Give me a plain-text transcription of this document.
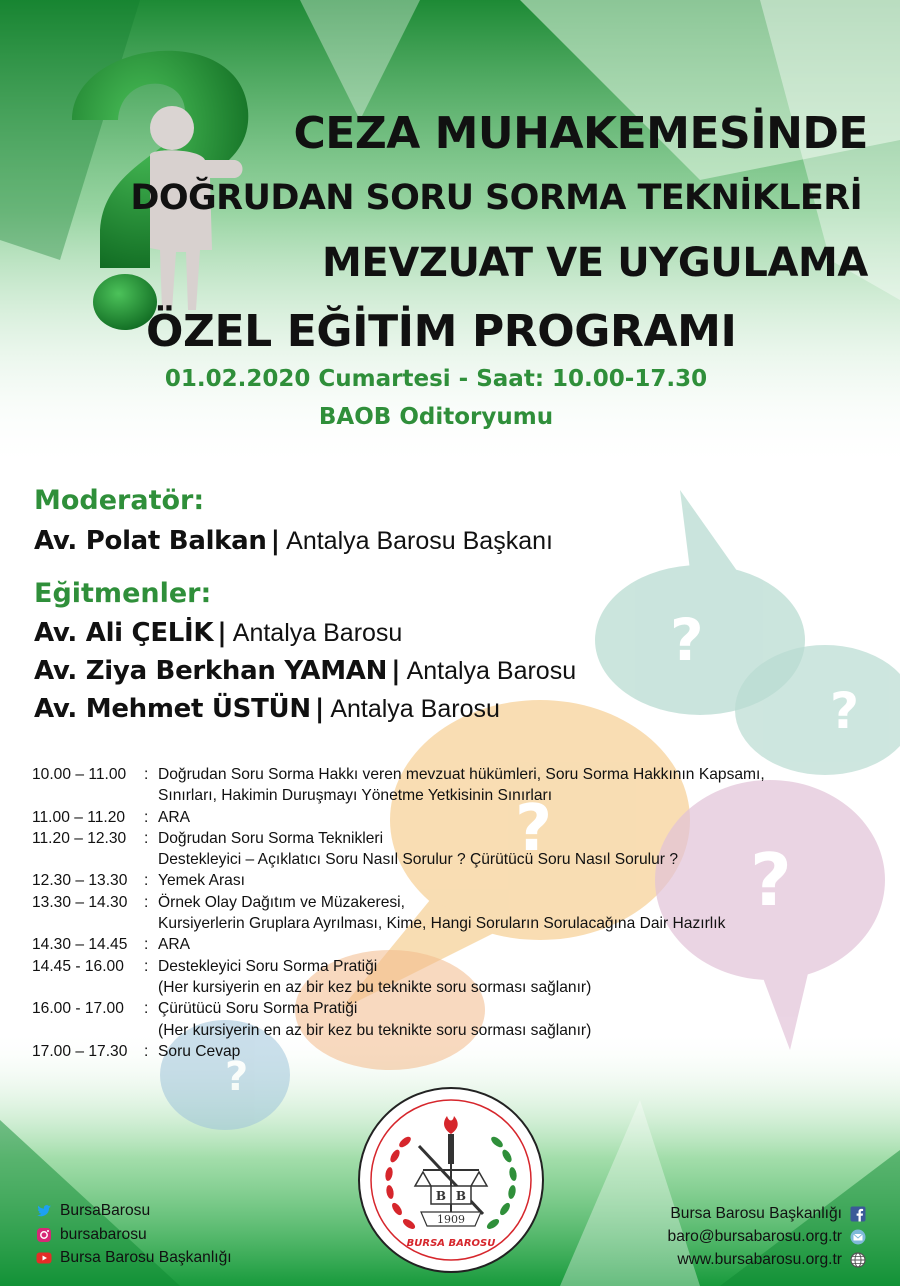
?
?
?
?
?
CEZA MUHAKEMESİNDE
DOĞRUDAN SORU SORMA TEKNİKLERİ
MEVZUAT VE UYGULAMA
ÖZEL EĞİTİM PROGRAMI
01.02.2020 Cumartesi - Saat: 10.00-17.30
BAOB Oditoryumu
Moderatör:
Av. Polat Balkan | Antalya Barosu Başkanı
Eğitmenler:
Av. Ali ÇELİK | Antalya Barosu
Av. Ziya Berkhan YAMAN | Antalya Barosu
Av. Mehmet ÜSTÜN | Antalya Barosu
10.00 – 11.00	: Doğrudan Soru Sorma Hakkı veren mevzuat hükümleri, Soru Sorma Hakkının Kapsamı,
Sınırları, Hakimin Duruşmayı Yönetme Yetkisinin Sınırları
11.00 – 11.20	: ARA
11.20 – 12.30	: Doğrudan Soru Sorma Teknikleri
Destekleyici – Açıklatıcı Soru Nasıl Sorulur ? Çürütücü Soru Nasıl Sorulur ?
12.30 – 13.30	: Yemek Arası
13.30 – 14.30	: Örnek Olay Dağıtım ve Müzakeresi,
Kursiyerlerin Gruplara Ayrılması, Kime, Hangi Soruların Sorulacağına Dair Hazırlık
14.30 – 14.45	: ARA
14.45 - 16.00	: Destekleyici Soru Sorma Pratiği
(Her kursiyerin en az bir kez bu teknikte soru sorması sağlanır)
16.00 - 17.00	: Çürütücü Soru Sorma Pratiği
(Her kursiyerin en az bir kez bu teknikte soru sorması sağlanır)
17.00 – 17.30	: Soru Cevap
B B
1909
BURSA BAROSU
BursaBarosu
bursabarosu
Bursa Barosu Başkanlığı
Bursa Barosu Başkanlığı
baro@bursabarosu.org.tr
www.bursabarosu.org.tr
